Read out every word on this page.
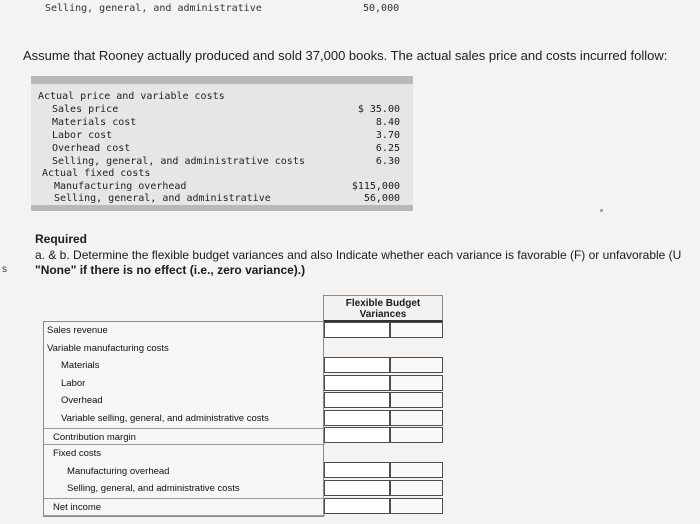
Selling, general, and administrative	50,000
Assume that Rooney actually produced and sold 37,000 books. The actual sales price and costs incurred follow:
Actual price and variable costs
Sales price	$ 35.00
Materials cost	8.40
Labor cost	3.70
Overhead cost	6.25
Selling, general, and administrative costs	6.30
Actual fixed costs
Manufacturing overhead	$115,000
Selling, general, and administrative	56,000
s
Required
a. & b. Determine the flexible budget variances and also Indicate whether each variance is favorable (F) or unfavorable (U
"None" if there is no effect (i.e., zero variance).)
Flexible Budget Variances
Sales revenue
Variable manufacturing costs
Materials
Labor
Overhead
Variable selling, general, and administrative costs
Contribution margin
Fixed costs
Manufacturing overhead
Selling, general, and administrative costs
Net income
